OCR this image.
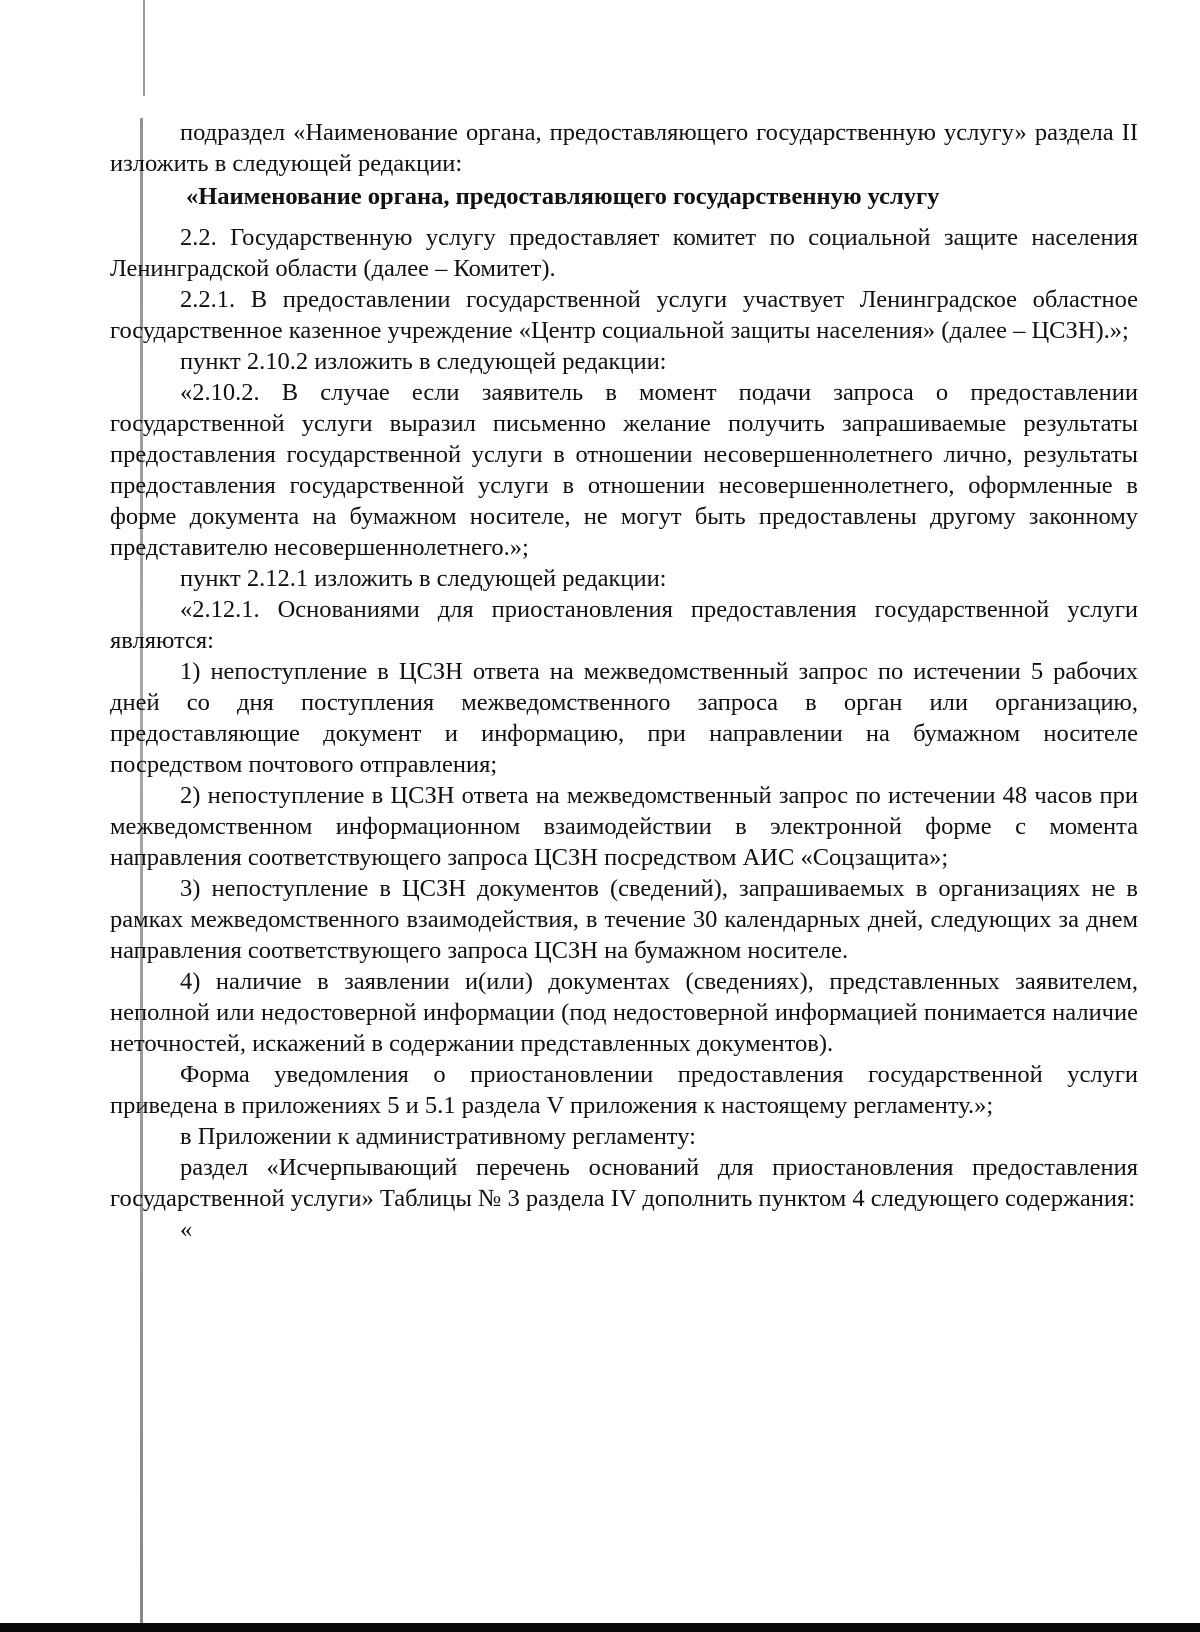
подраздел «Наименование органа, предоставляющего государственную услугу» раздела II изложить в следующей редакции:

«Наименование органа, предоставляющего государственную услугу

2.2. Государственную услугу предоставляет комитет по социальной защите населения Ленинградской области (далее – Комитет).

2.2.1. В предоставлении государственной услуги участвует Ленинградское областное государственное казенное учреждение «Центр социальной защиты населения» (далее – ЦСЗН).»;

пункт 2.10.2 изложить в следующей редакции:

«2.10.2. В случае если заявитель в момент подачи запроса о предоставлении государственной услуги выразил письменно желание получить запрашиваемые результаты предоставления государственной услуги в отношении несовершеннолетнего лично, результаты предоставления государственной услуги в отношении несовершеннолетнего, оформленные в форме документа на бумажном носителе, не могут быть предоставлены другому законному представителю несовершеннолетнего.»;

пункт 2.12.1 изложить в следующей редакции:

«2.12.1. Основаниями для приостановления предоставления государственной услуги являются:

1) непоступление в ЦСЗН ответа на межведомственный запрос по истечении 5 рабочих дней со дня поступления межведомственного запроса в орган или организацию, предоставляющие документ и информацию, при направлении на бумажном носителе посредством почтового отправления;

2) непоступление в ЦСЗН ответа на межведомственный запрос по истечении 48 часов при межведомственном информационном взаимодействии в электронной форме с момента направления соответствующего запроса ЦСЗН посредством АИС «Соцзащита»;

3) непоступление в ЦСЗН документов (сведений), запрашиваемых в организациях не в рамках межведомственного взаимодействия, в течение 30 календарных дней, следующих за днем направления соответствующего запроса ЦСЗН на бумажном носителе.

4) наличие в заявлении и(или) документах (сведениях), представленных заявителем, неполной или недостоверной информации (под недостоверной информацией понимается наличие неточностей, искажений в содержании представленных документов).

Форма уведомления о приостановлении предоставления государственной услуги приведена в приложениях 5 и 5.1 раздела V приложения к настоящему регламенту.»;

в Приложении к административному регламенту:

раздел «Исчерпывающий перечень оснований для приостановления предоставления государственной услуги» Таблицы № 3 раздела IV дополнить пунктом 4 следующего содержания:

«
